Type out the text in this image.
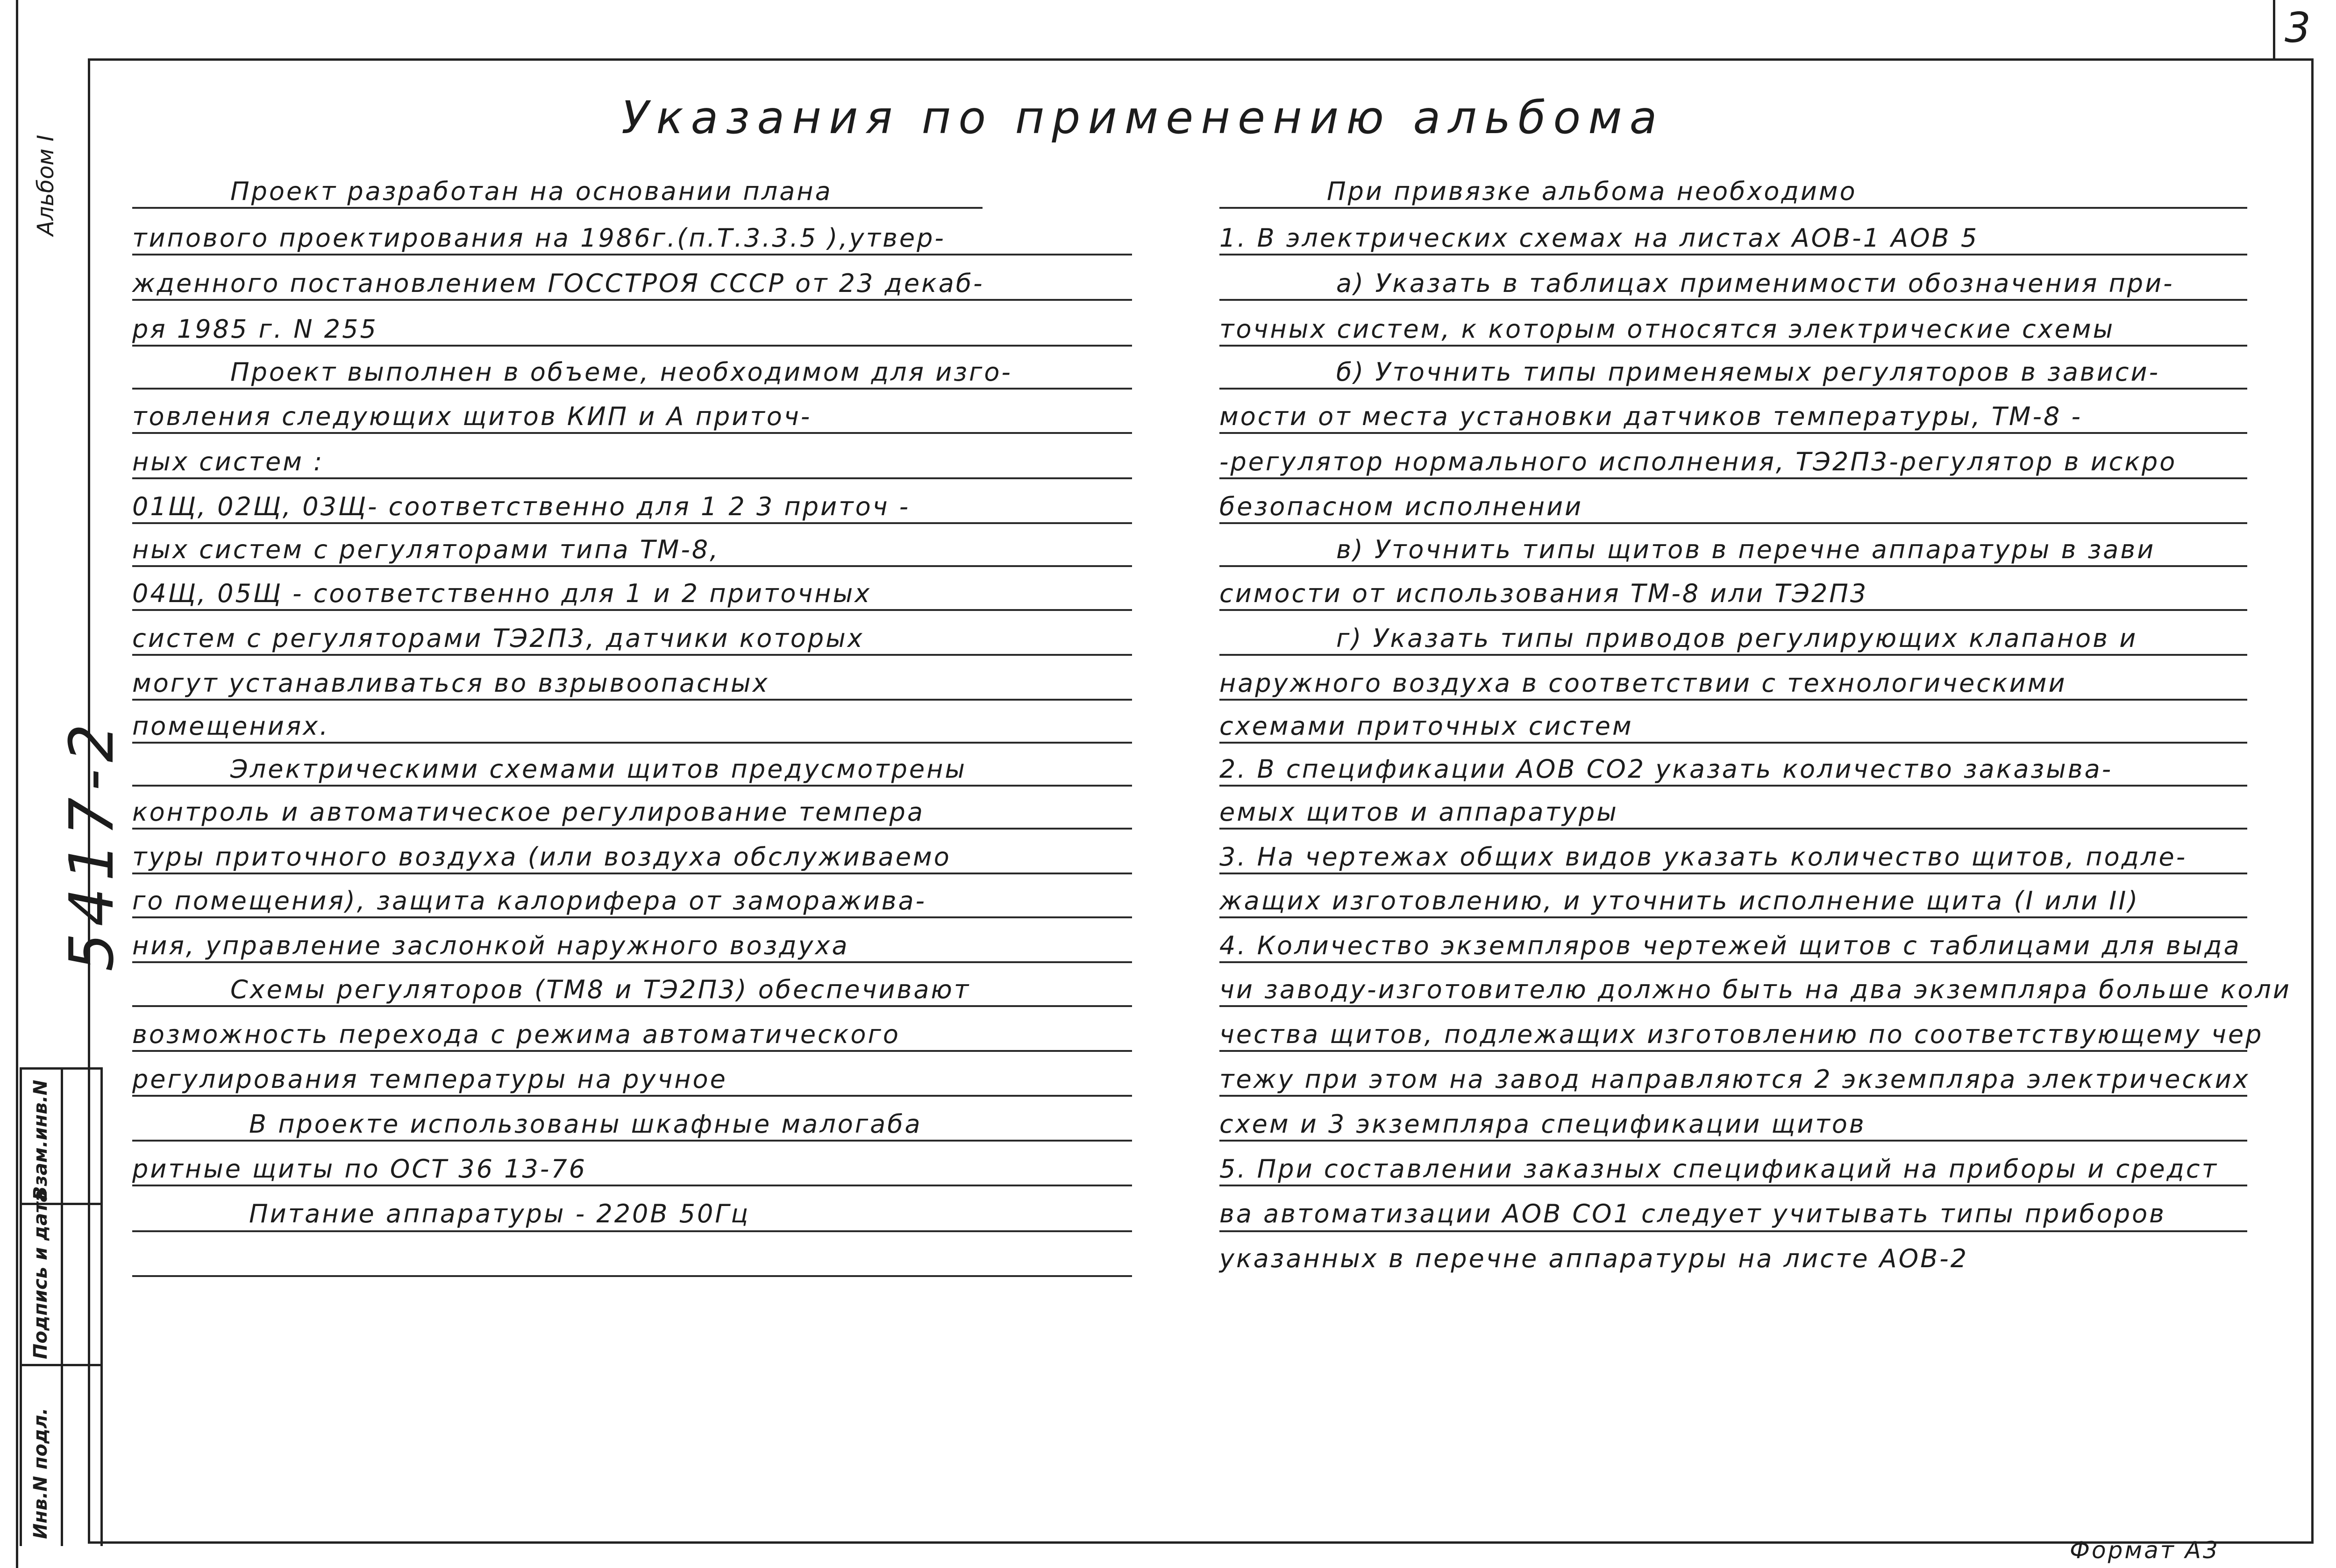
3
Альбом I
5417-2
Взам.инв.N
Подпись и дата
Инв.N подл.
Указания по применению альбома
Проект разработан на основании плана
типового проектирования на 1986г.(п.Т.3.3.5 ),утвер-
жденного постановлением ГОССТРОЯ СССР от 23 декаб-
ря 1985 г. N 255
Проект выполнен в объеме, необходимом для изго-
товления следующих щитов КИП и А приточ-
ных систем :
01Щ, 02Щ, 03Щ- соответственно для 1 2 3 приточ -
ных систем с регуляторами типа ТМ-8,
04Щ, 05Щ - соответственно для 1 и 2 приточных
систем с регуляторами ТЭ2П3, датчики которых
могут устанавливаться во взрывоопасных
помещениях.
Электрическими схемами щитов предусмотрены
контроль и автоматическое регулирование темпера
туры приточного воздуха (или воздуха обслуживаемо
го помещения), защита калорифера от замораживa-
ния, управление заслонкой наружного воздуха
Схемы регуляторов (ТМ8 и ТЭ2П3) обеспечивают
возможность перехода с режима автоматического
регулирования температуры на ручное
В проекте использованы шкафные малогаба
ритные щиты по ОСТ 36 13-76
Питание аппаратуры - 220В 50Гц
При привязке альбома необходимо
1. В электрических схемах на листах АОВ-1 АОВ 5
а) Указать в таблицах применимости обозначения при-
точных систем, к которым относятся электрические схемы
б) Уточнить типы применяемых регуляторов в зависи-
мости от места установки датчиков температуры, ТМ-8 -
-регулятор нормального исполнения, ТЭ2П3-регулятор в искро
безопасном исполнении
в) Уточнить типы щитов в перечне аппаратуры в зави
симости от использования ТМ-8 или ТЭ2П3
г) Указать типы приводов регулирующих клапанов и
наружного воздуха в соответствии с технологическими
схемами приточных систем
2. В спецификации АОВ СО2 указать количество заказыва-
емых щитов и аппаратуры
3. На чертежах общих видов указать количество щитов, подле-
жащих изготовлению, и уточнить исполнение щита (I или II)
4. Количество экземпляров чертежей щитов с таблицами для выда
чи заводу-изготовителю должно быть на два экземпляра больше коли
чества щитов, подлежащих изготовлению по соответствующему чер
тежу при этом на завод направляются 2 экземпляра электрических
схем и 3 экземпляра спецификации щитов
5. При составлении заказных спецификаций на приборы и средст
ва автоматизации АОВ СО1 следует учитывать типы приборов
указанных в перечне аппаратуры на листе АОВ-2
Формат А3
